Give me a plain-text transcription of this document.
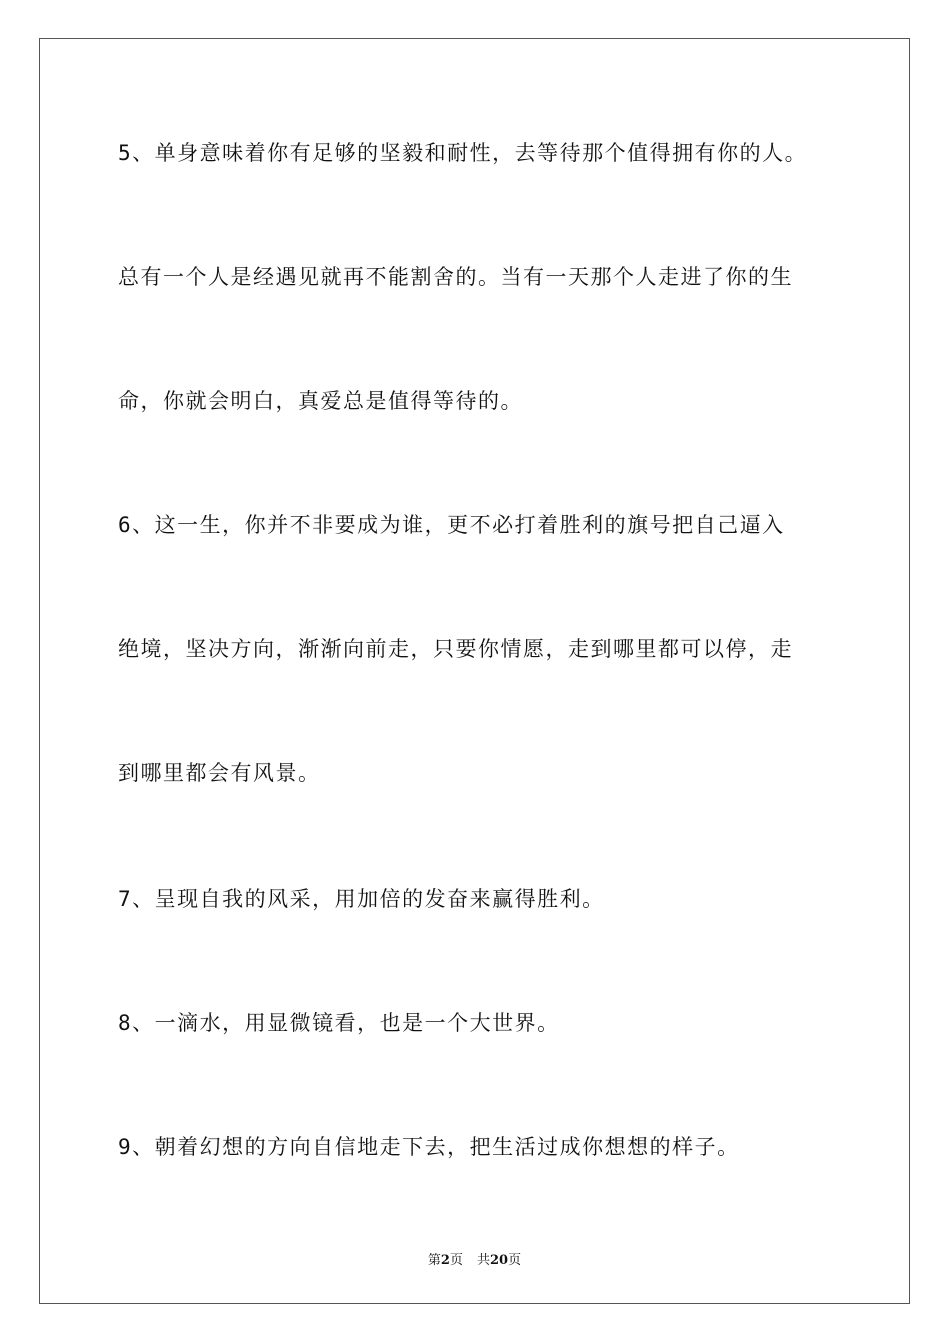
5、单身意味着你有足够的坚毅和耐性，去等待那个值得拥有你的人。
总有一个人是经遇见就再不能割舍的。当有一天那个人走进了你的生
命，你就会明白，真爱总是值得等待的。
6、这一生，你并不非要成为谁，更不必打着胜利的旗号把自己逼入
绝境，坚决方向，渐渐向前走，只要你情愿，走到哪里都可以停，走
到哪里都会有风景。
7、呈现自我的风采，用加倍的发奋来赢得胜利。
8、一滴水，用显微镜看，也是一个大世界。
9、朝着幻想的方向自信地走下去，把生活过成你想想的样子。
第2页 共20页
